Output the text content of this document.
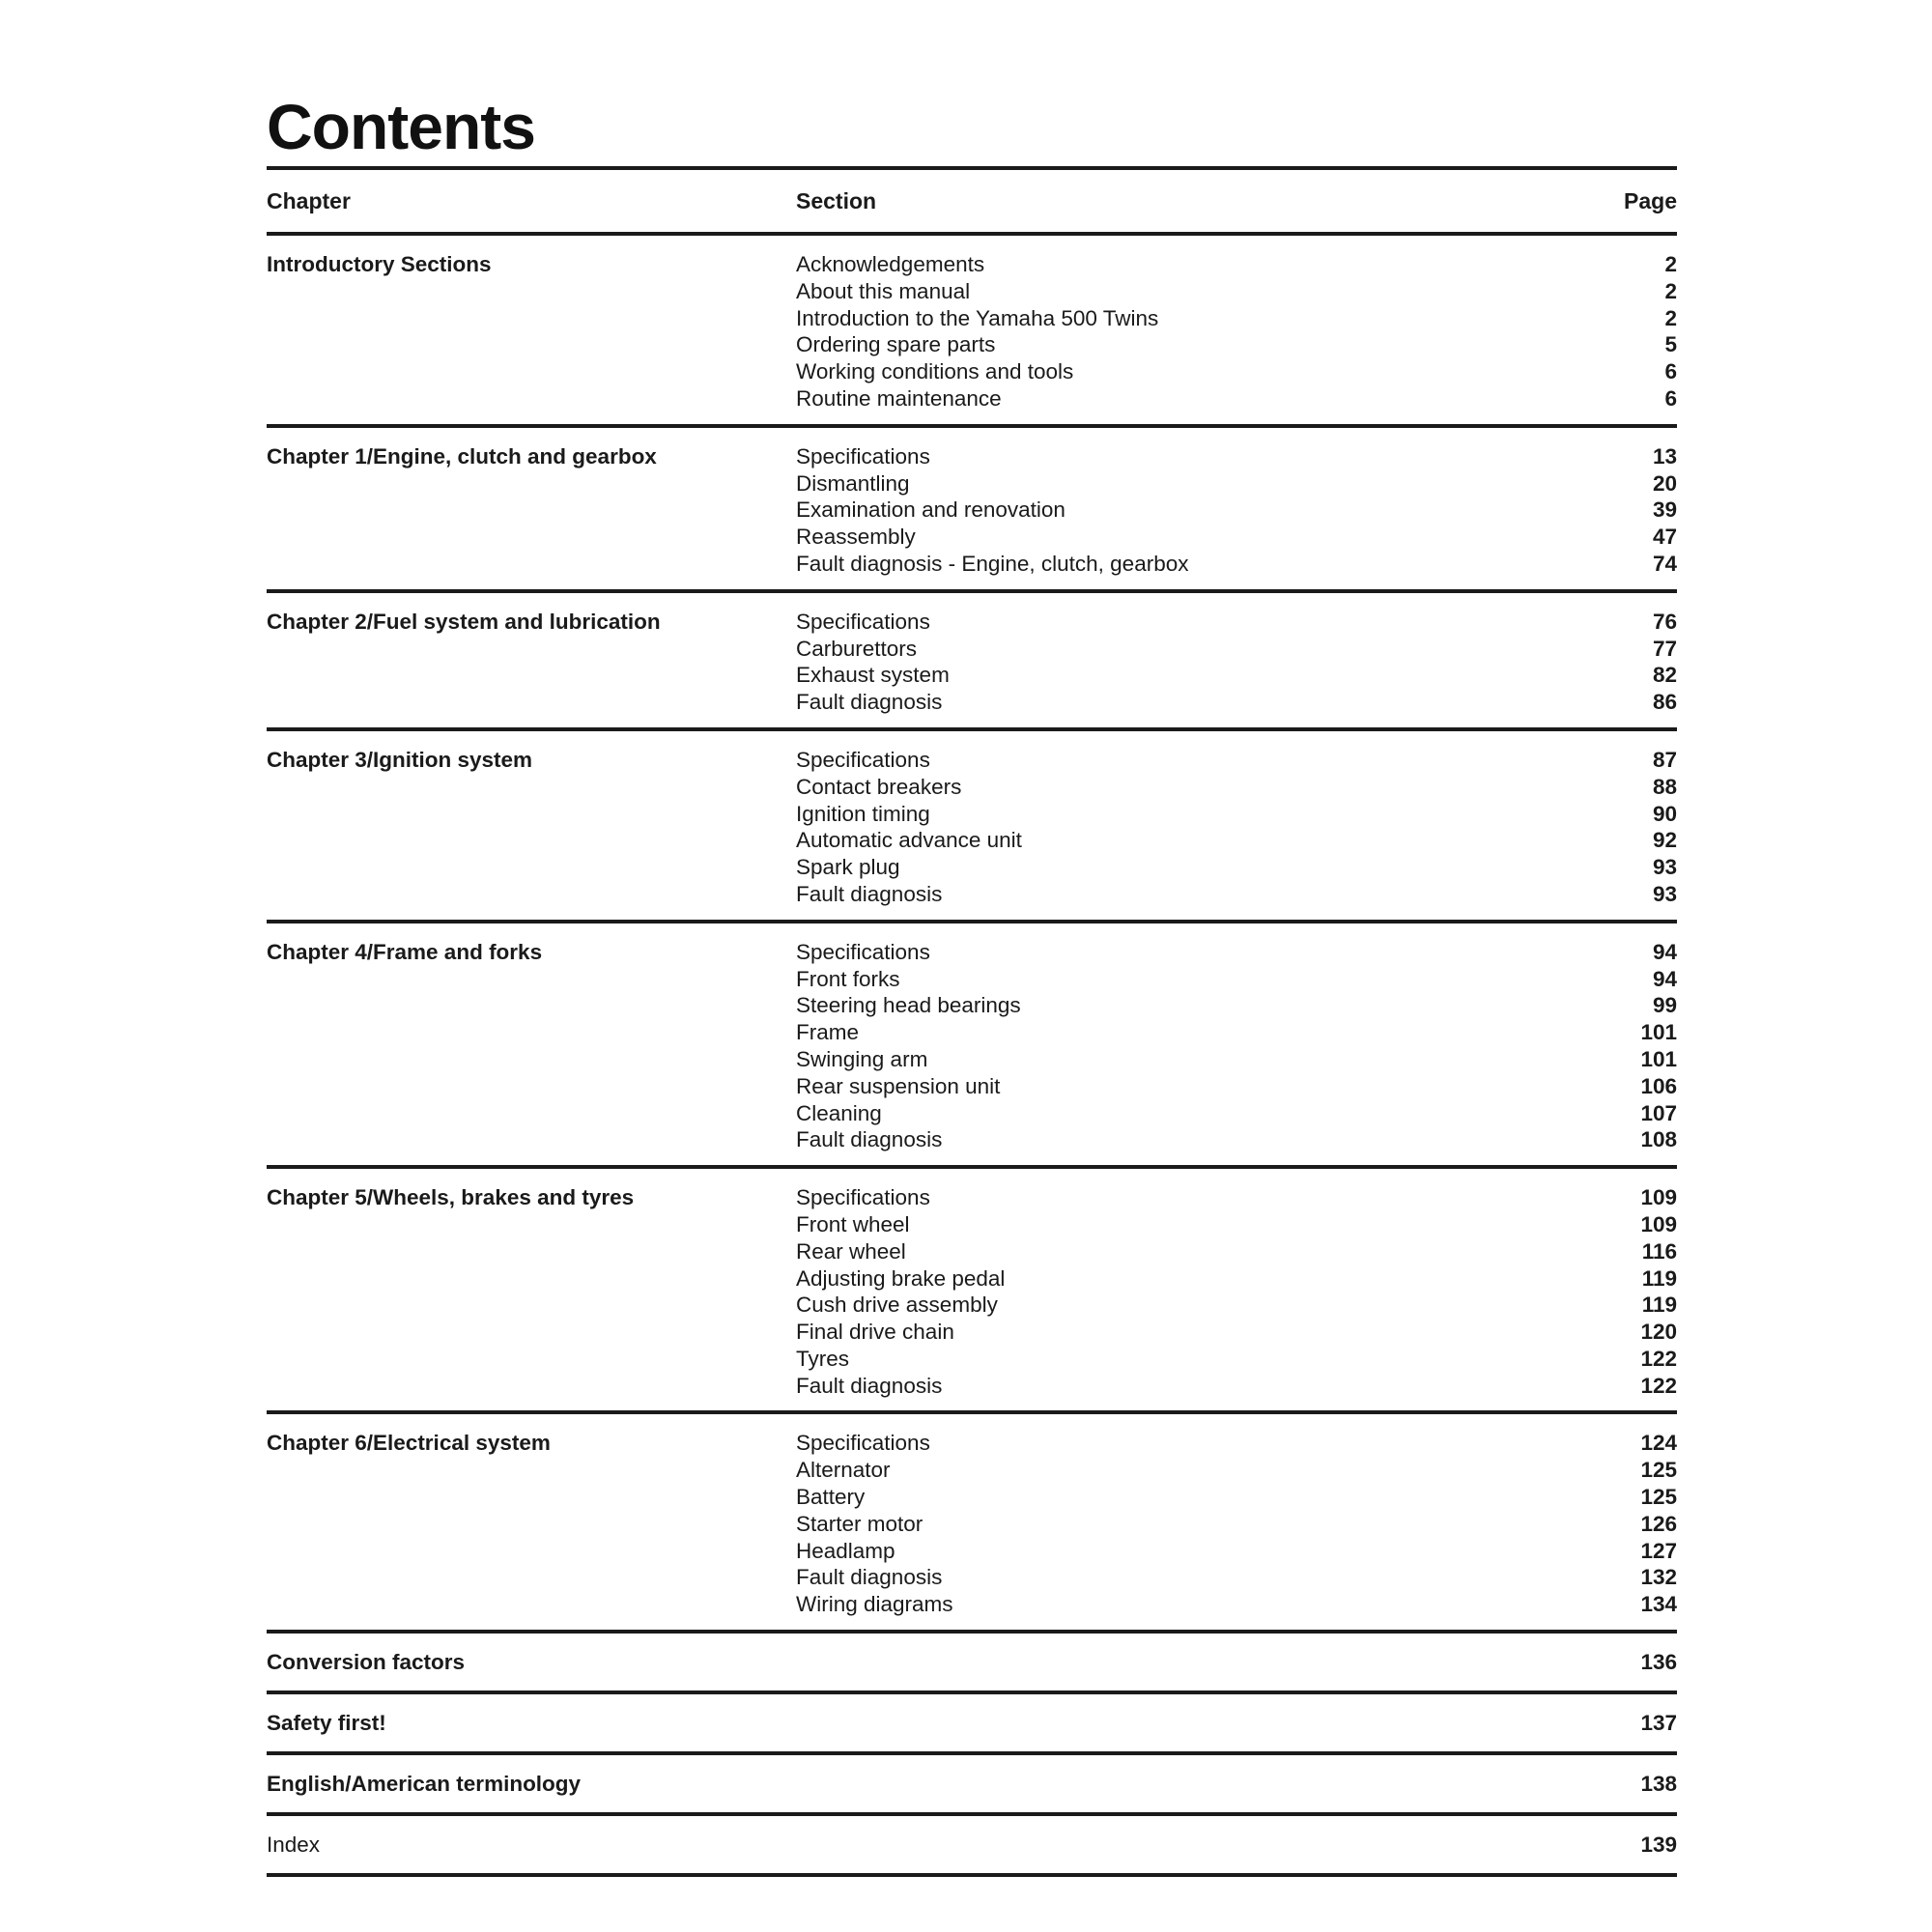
Contents
Chapter	Section	Page
Introductory Sections	Acknowledgements	2
About this manual	2
Introduction to the Yamaha 500 Twins	2
Ordering spare parts	5
Working conditions and tools	6
Routine maintenance	6
Chapter 1/Engine, clutch and gearbox	Specifications	13
Dismantling	20
Examination and renovation	39
Reassembly	47
Fault diagnosis - Engine, clutch, gearbox	74
Chapter 2/Fuel system and lubrication	Specifications	76
Carburettors	77
Exhaust system	82
Fault diagnosis	86
Chapter 3/Ignition system	Specifications	87
Contact breakers	88
Ignition timing	90
Automatic advance unit	92
Spark plug	93
Fault diagnosis	93
Chapter 4/Frame and forks	Specifications	94
Front forks	94
Steering head bearings	99
Frame	101
Swinging arm	101
Rear suspension unit	106
Cleaning	107
Fault diagnosis	108
Chapter 5/Wheels, brakes and tyres	Specifications	109
Front wheel	109
Rear wheel	116
Adjusting brake pedal	119
Cush drive assembly	119
Final drive chain	120
Tyres	122
Fault diagnosis	122
Chapter 6/Electrical system	Specifications	124
Alternator	125
Battery	125
Starter motor	126
Headlamp	127
Fault diagnosis	132
Wiring diagrams	134
Conversion factors	136
Safety first!	137
English/American terminology	138
Index	139
